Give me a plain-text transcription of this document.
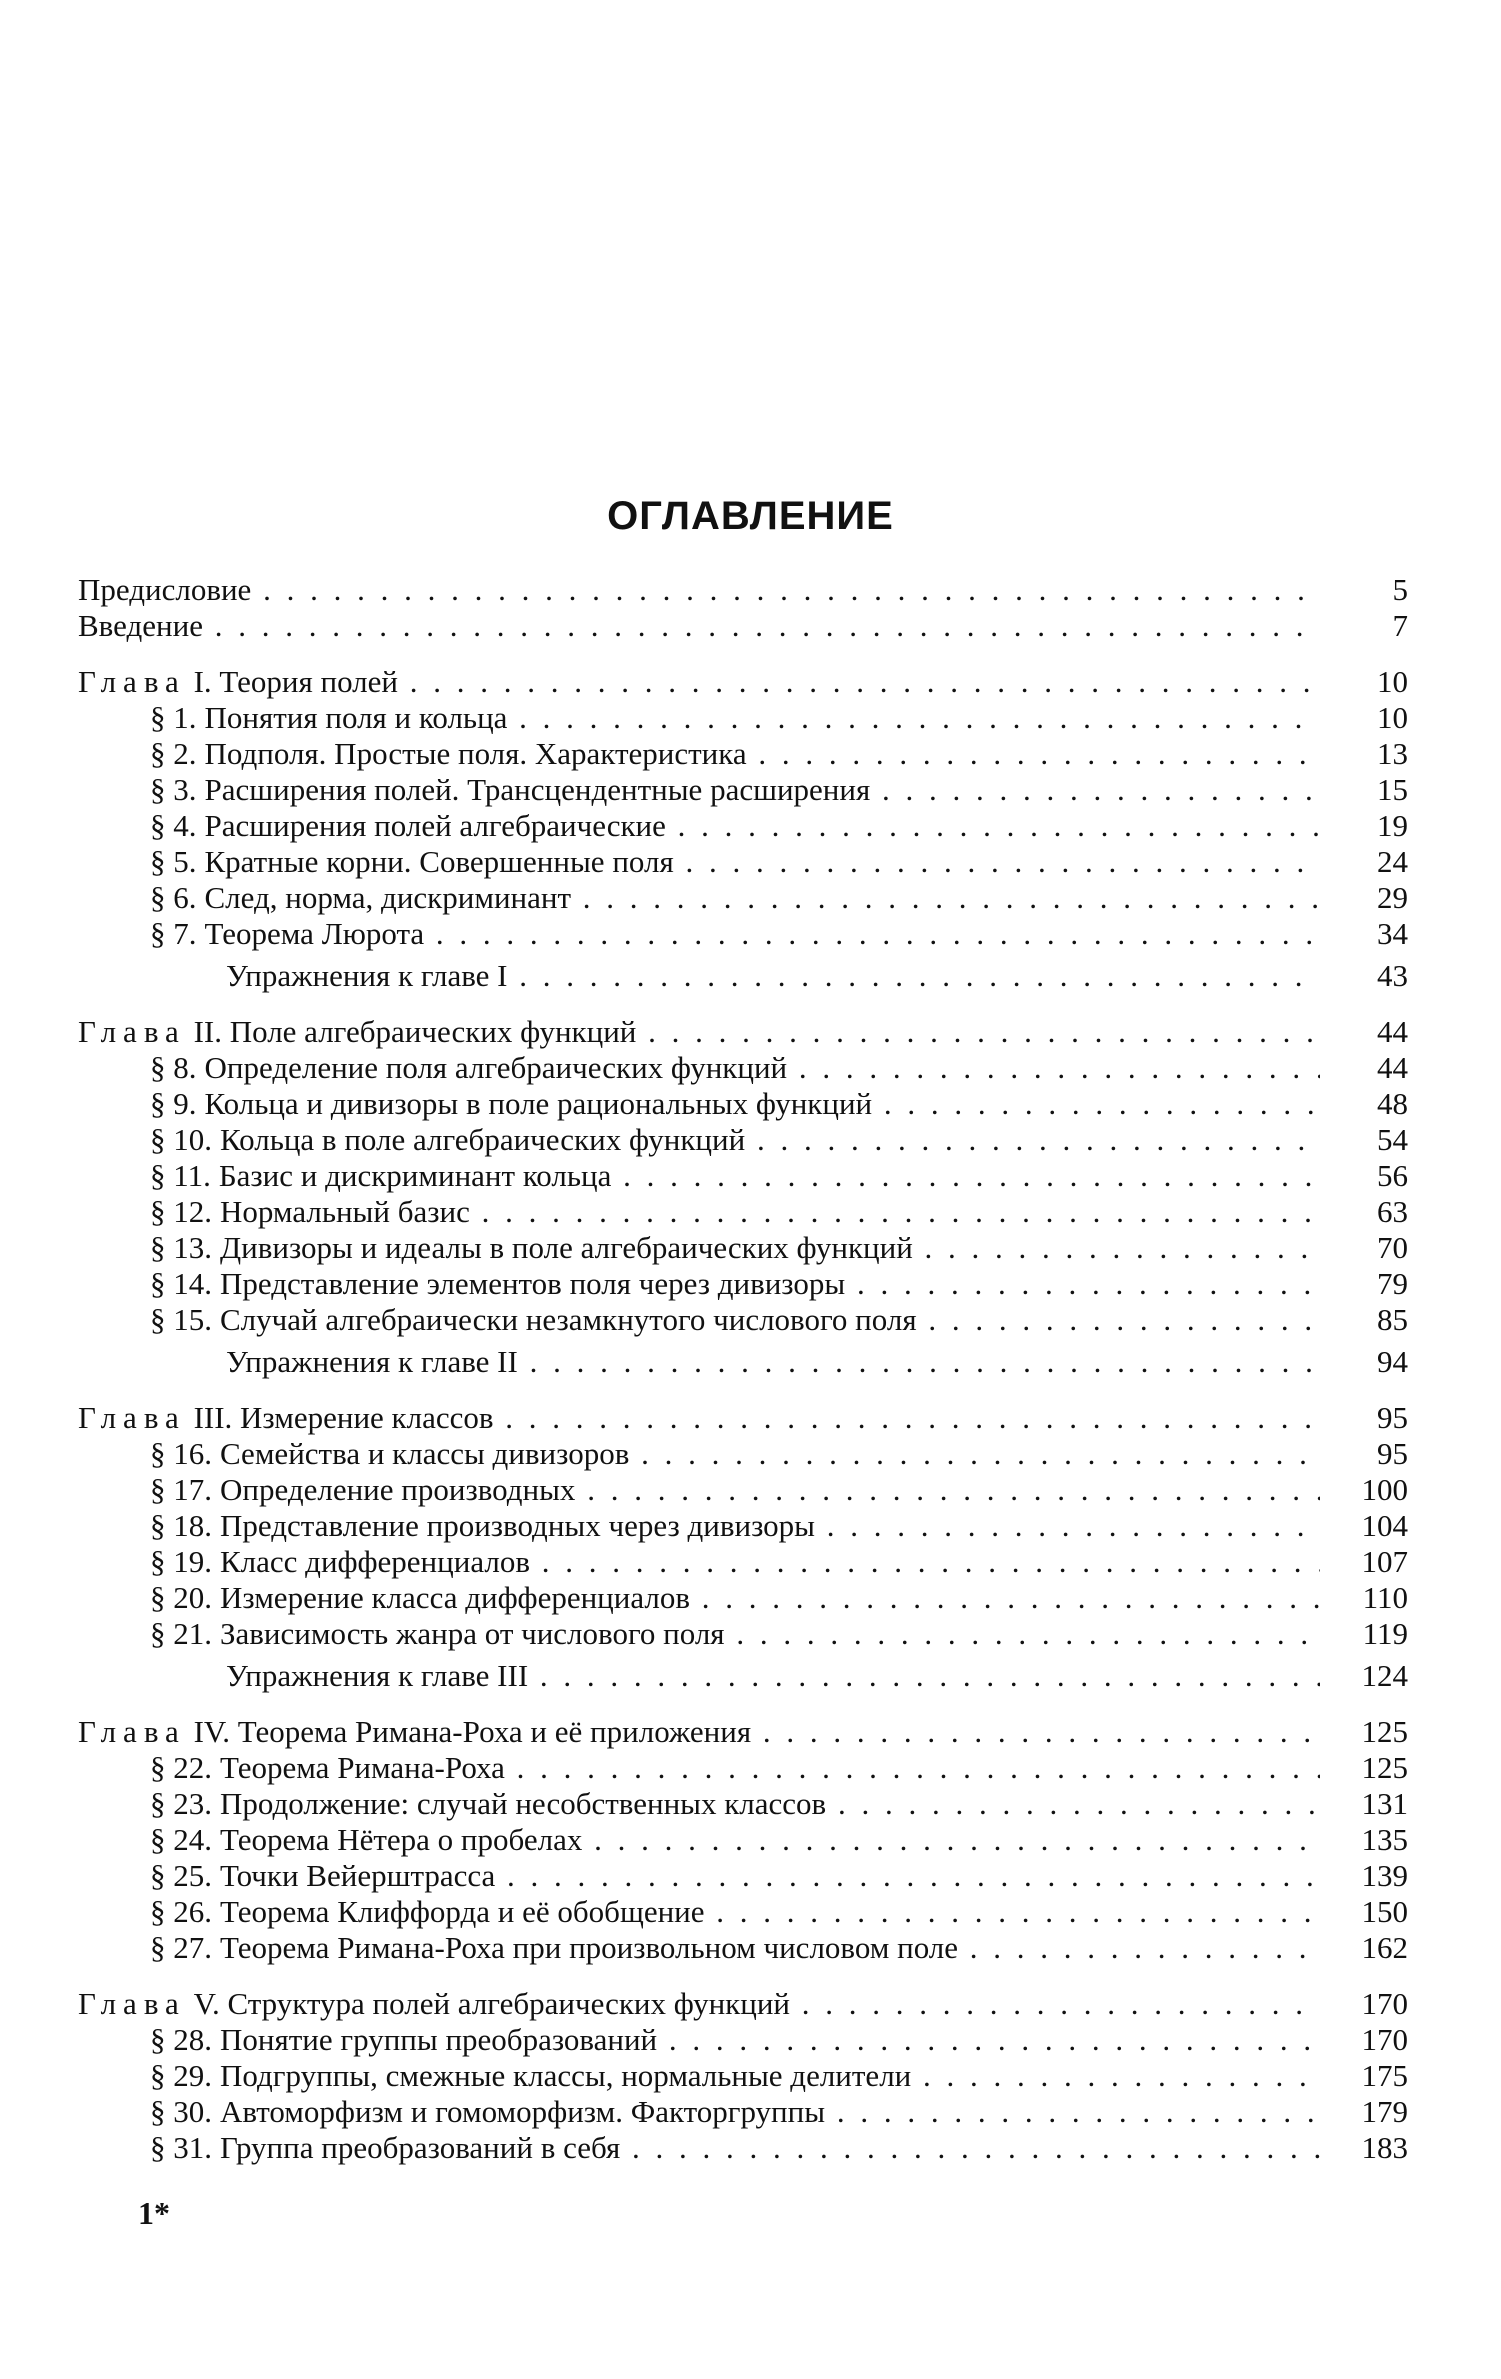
ОГЛАВЛЕНИЕ
Предисловие . . .	5
Введение . . .	7
Глава I. Теория полей . . .	10
§ 1. Понятия поля и кольца . . .	10
§ 2. Подполя. Простые поля. Характеристика . . .	13
§ 3. Расширения полей. Трансцендентные расширения . . .	15
§ 4. Расширения полей алгебраические . . .	19
§ 5. Кратные корни. Совершенные поля . . .	24
§ 6. След, норма, дискриминант . . .	29
§ 7. Теорема Люрота . . .	34
Упражнения к главе I . . .	43
Глава II. Поле алгебраических функций . . .	44
§ 8. Определение поля алгебраических функций . . .	44
§ 9. Кольца и дивизоры в поле рациональных функций . . .	48
§ 10. Кольца в поле алгебраических функций . . .	54
§ 11. Базис и дискриминант кольца . . .	56
§ 12. Нормальный базис . . .	63
§ 13. Дивизоры и идеалы в поле алгебраических функций . . .	70
§ 14. Представление элементов поля через дивизоры . . .	79
§ 15. Случай алгебраически незамкнутого числового поля . . .	85
Упражнения к главе II . . .	94
Глава III. Измерение классов . . .	95
§ 16. Семейства и классы дивизоров . . .	95
§ 17. Определение производных . . .	100
§ 18. Представление производных через дивизоры . . .	104
§ 19. Класс дифференциалов . . .	107
§ 20. Измерение класса дифференциалов . . .	110
§ 21. Зависимость жанра от числового поля . . .	119
Упражнения к главе III . . .	124
Глава IV. Теорема Римана-Роха и её приложения . . .	125
§ 22. Теорема Римана-Роха . . .	125
§ 23. Продолжение: случай несобственных классов . . .	131
§ 24. Теорема Нётера о пробелах . . .	135
§ 25. Точки Вейерштрасса . . .	139
§ 26. Теорема Клиффорда и её обобщение . . .	150
§ 27. Теорема Римана-Роха при произвольном числовом поле . . .	162
Глава V. Структура полей алгебраических функций . . .	170
§ 28. Понятие группы преобразований . . .	170
§ 29. Подгруппы, смежные классы, нормальные делители . . .	175
§ 30. Автоморфизм и гомоморфизм. Факторгруппы . . .	179
§ 31. Группа преобразований в себя . . .	183
1*
